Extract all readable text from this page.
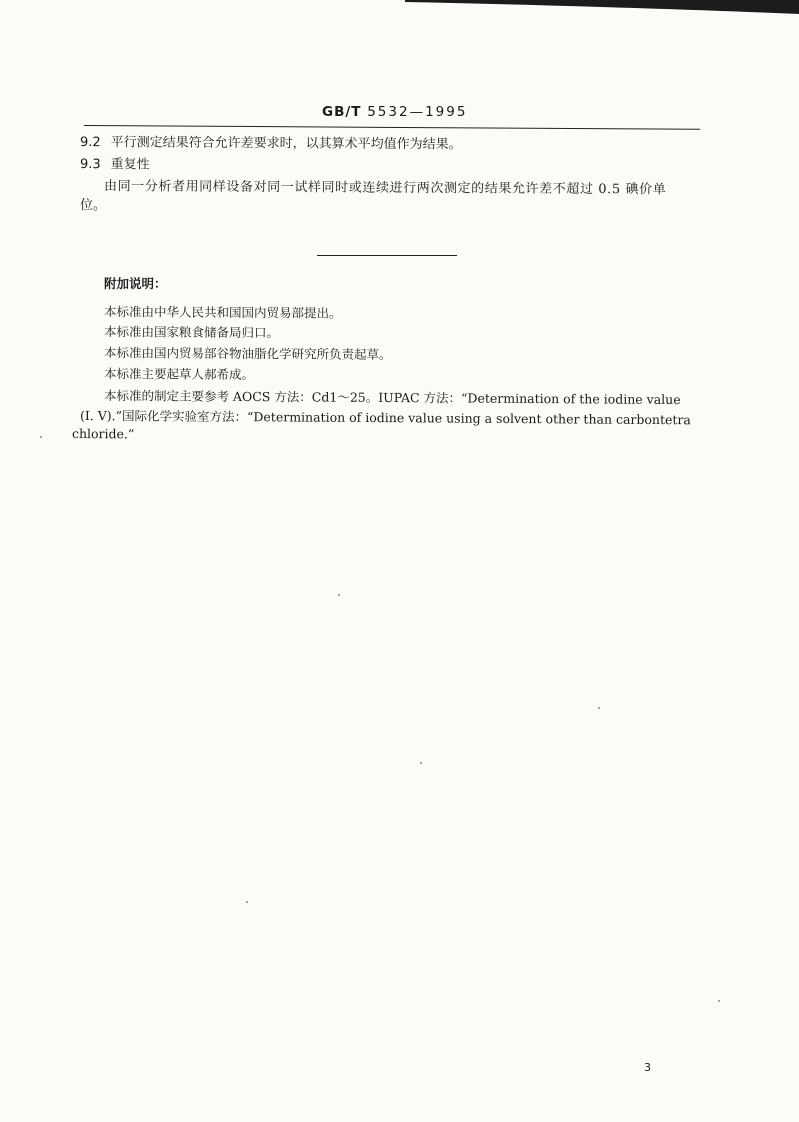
GB/T 5532—1995
9.2 平行测定结果符合允许差要求时，以其算术平均值作为结果。
9.3 重复性
由同一分析者用同样设备对同一试样同时或连续进行两次测定的结果允许差不超过 0.5 碘价单
位。
附加说明：
本标准由中华人民共和国国内贸易部提出。
本标准由国家粮食储备局归口。
本标准由国内贸易部谷物油脂化学研究所负责起草。
本标准主要起草人郝希成。
本标准的制定主要参考 AOCS 方法：Cd1～25。IUPAC 方法：“Determination of the iodine value
(I. V).”国际化学实验室方法：“Determination of iodine value using a solvent other than carbontetra
chloride.”
3
